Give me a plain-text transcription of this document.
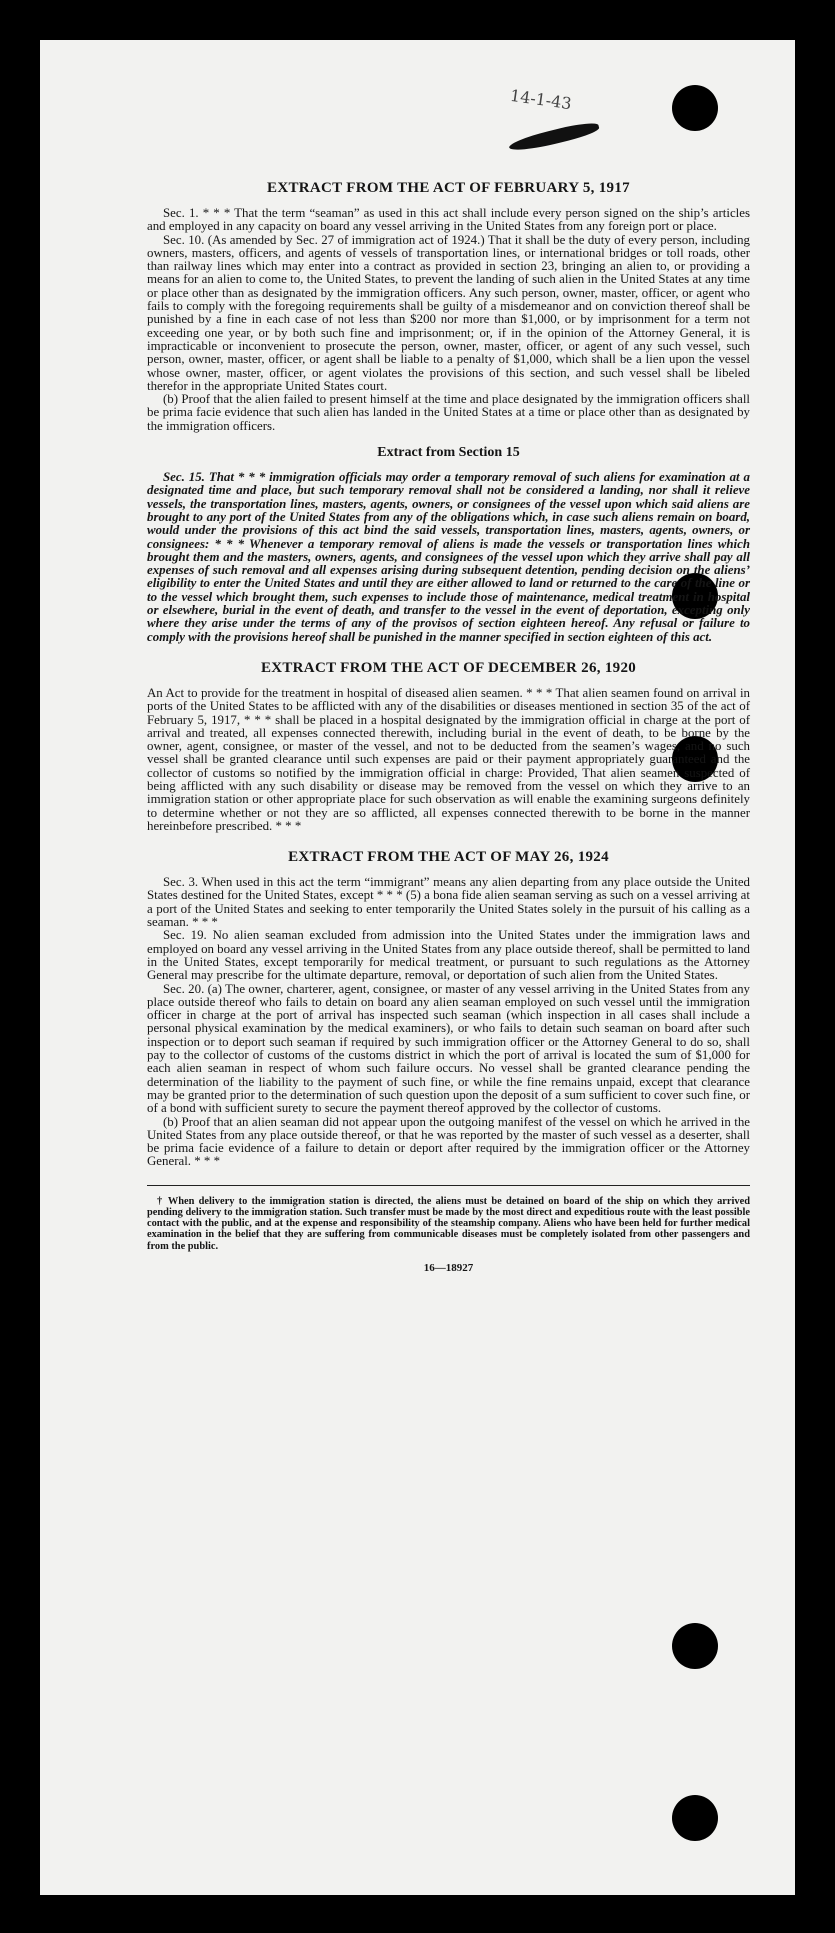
14-1-43
EXTRACT FROM THE ACT OF FEBRUARY 5, 1917

Sec. 1. * * * That the term “seaman” as used in this act shall include every person signed on the ship’s articles and employed in any capacity on board any vessel arriving in the United States from any foreign port or place.

Sec. 10. (As amended by Sec. 27 of immigration act of 1924.) That it shall be the duty of every person, including owners, masters, officers, and agents of vessels of transportation lines, or international bridges or toll roads, other than railway lines which may enter into a contract as provided in section 23, bringing an alien to, or providing a means for an alien to come to, the United States, to prevent the landing of such alien in the United States at any time or place other than as designated by the immigration officers. Any such person, owner, master, officer, or agent who fails to comply with the foregoing requirements shall be guilty of a misdemeanor and on conviction thereof shall be punished by a fine in each case of not less than $200 nor more than $1,000, or by imprisonment for a term not exceeding one year, or by both such fine and imprisonment; or, if in the opinion of the Attorney General, it is impracticable or inconvenient to prosecute the person, owner, master, officer, or agent of any such vessel, such person, owner, master, officer, or agent shall be liable to a penalty of $1,000, which shall be a lien upon the vessel whose owner, master, officer, or agent violates the provisions of this section, and such vessel shall be libeled therefor in the appropriate United States court.

(b) Proof that the alien failed to present himself at the time and place designated by the immigration officers shall be prima facie evidence that such alien has landed in the United States at a time or place other than as designated by the immigration officers.

Extract from Section 15

Sec. 15. That * * * immigration officials may order a temporary removal of such aliens for examination at a designated time and place, but such temporary removal shall not be considered a landing, nor shall it relieve vessels, the transportation lines, masters, agents, owners, or consignees of the vessel upon which said aliens are brought to any port of the United States from any of the obligations which, in case such aliens remain on board, would under the provisions of this act bind the said vessels, transportation lines, masters, agents, owners, or consignees: * * * Whenever a temporary removal of aliens is made the vessels or transportation lines which brought them and the masters, owners, agents, and consignees of the vessel upon which they arrive shall pay all expenses of such removal and all expenses arising during subsequent detention, pending decision on the aliens’ eligibility to enter the United States and until they are either allowed to land or returned to the care of the line or to the vessel which brought them, such expenses to include those of maintenance, medical treatment in hospital or elsewhere, burial in the event of death, and transfer to the vessel in the event of deportation, excepting only where they arise under the terms of any of the provisos of section eighteen hereof. Any refusal or failure to comply with the provisions hereof shall be punished in the manner specified in section eighteen of this act.

EXTRACT FROM THE ACT OF DECEMBER 26, 1920

An Act to provide for the treatment in hospital of diseased alien seamen. * * * That alien seamen found on arrival in ports of the United States to be afflicted with any of the disabilities or diseases mentioned in section 35 of the act of February 5, 1917, * * * shall be placed in a hospital designated by the immigration official in charge at the port of arrival and treated, all expenses connected therewith, including burial in the event of death, to be borne by the owner, agent, consignee, or master of the vessel, and not to be deducted from the seamen’s wages, and no such vessel shall be granted clearance until such expenses are paid or their payment appropriately guaranteed and the collector of customs so notified by the immigration official in charge: Provided, That alien seamen suspected of being afflicted with any such disability or disease may be removed from the vessel on which they arrive to an immigration station or other appropriate place for such observation as will enable the examining surgeons definitely to determine whether or not they are so afflicted, all expenses connected therewith to be borne in the manner hereinbefore prescribed. * * *

EXTRACT FROM THE ACT OF MAY 26, 1924

Sec. 3. When used in this act the term “immigrant” means any alien departing from any place outside the United States destined for the United States, except * * * (5) a bona fide alien seaman serving as such on a vessel arriving at a port of the United States and seeking to enter temporarily the United States solely in the pursuit of his calling as a seaman. * * *

Sec. 19. No alien seaman excluded from admission into the United States under the immigration laws and employed on board any vessel arriving in the United States from any place outside thereof, shall be permitted to land in the United States, except temporarily for medical treatment, or pursuant to such regulations as the Attorney General may prescribe for the ultimate departure, removal, or deportation of such alien from the United States.

Sec. 20. (a) The owner, charterer, agent, consignee, or master of any vessel arriving in the United States from any place outside thereof who fails to detain on board any alien seaman employed on such vessel until the immigration officer in charge at the port of arrival has inspected such seaman (which inspection in all cases shall include a personal physical examination by the medical examiners), or who fails to detain such seaman on board after such inspection or to deport such seaman if required by such immigration officer or the Attorney General to do so, shall pay to the collector of customs of the customs district in which the port of arrival is located the sum of $1,000 for each alien seaman in respect of whom such failure occurs. No vessel shall be granted clearance pending the determination of the liability to the payment of such fine, or while the fine remains unpaid, except that clearance may be granted prior to the determination of such question upon the deposit of a sum sufficient to cover such fine, or of a bond with sufficient surety to secure the payment thereof approved by the collector of customs.

(b) Proof that an alien seaman did not appear upon the outgoing manifest of the vessel on which he arrived in the United States from any place outside thereof, or that he was reported by the master of such vessel as a deserter, shall be prima facie evidence of a failure to detain or deport after required by the immigration officer or the Attorney General. * * *

† When delivery to the immigration station is directed, the aliens must be detained on board of the ship on which they arrived pending delivery to the immigration station. Such transfer must be made by the most direct and expeditious route with the least possible contact with the public, and at the expense and responsibility of the steamship company. Aliens who have been held for further medical examination in the belief that they are suffering from communicable diseases must be completely isolated from other passengers and from the public.

16—18927
